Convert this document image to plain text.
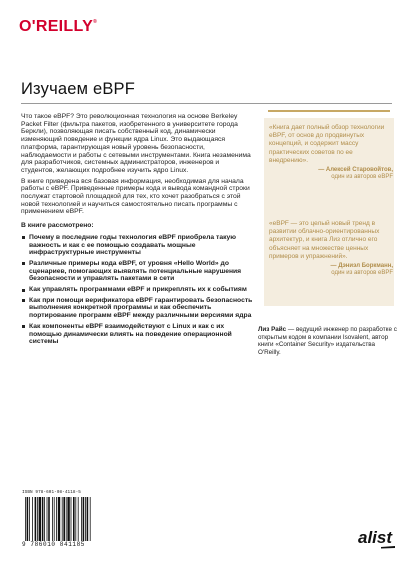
O'REILLY®
Изучаем eBPF

Что такое eBPF? Это революционная технология на основе Berkeley Packet Filter (фильтра пакетов, изобретенного в университете города Беркли), позволяющая писать собственный код, динамически изменяющий поведение и функции ядра Linux. Это выдающаяся платформа, гарантирующая новый уровень безопасности, наблюдаемости и работы с сетевыми инструментами. Книга незаменима для разработчиков, системных администраторов, инженеров и студентов, желающих подробнее изучить ядро Linux.

В книге приведена вся базовая информация, необходимая для начала работы с eBPF. Приведенные примеры кода и вывода командной строки послужат стартовой площадкой для тех, кто хочет разобраться с этой новой технологией и научиться самостоятельно писать программы с применением eBPF.

В книге рассмотрено:

Почему в последние годы технология eBPF приобрела такую важность и как с ее помощью создавать мощные инфраструктурные инструменты
Различные примеры кода eBPF, от уровня «Hello World» до сценариев, помогающих выявлять потенциальные нарушения безопасности и управлять пакетами в сети
Как управлять программами eBPF и прикреплять их к событиям
Как при помощи верификатора eBPF гарантировать безопасность выполнения конкретной программы и как обеспечить портирование программ eBPF между различными версиями ядра
Как компоненты eBPF взаимодействуют с Linux и как с их помощью динамически влиять на поведение операционной системы
«Книга дает полный обзор технологии eBPF, от основ до продвинутых концепций, и содержит массу практических советов по ее внедрению».
— Алексей Старовойтов,
один из авторов eBPF
«eBPF — это целый новый тренд в развитии облачно-ориентированных архитектур, и книга Лиз отлично его объясняет на множестве ценных примеров и упражнений».
— Дэниэл Боркманн,
один из авторов eBPF
Лиз Райс — ведущий инженер по разработке с открытым кодом в компании Isovalent, автор книги «Container Security» издательства O'Reilly.
ISBN 978-601-08-4118-5
9 786010 841185	alist
